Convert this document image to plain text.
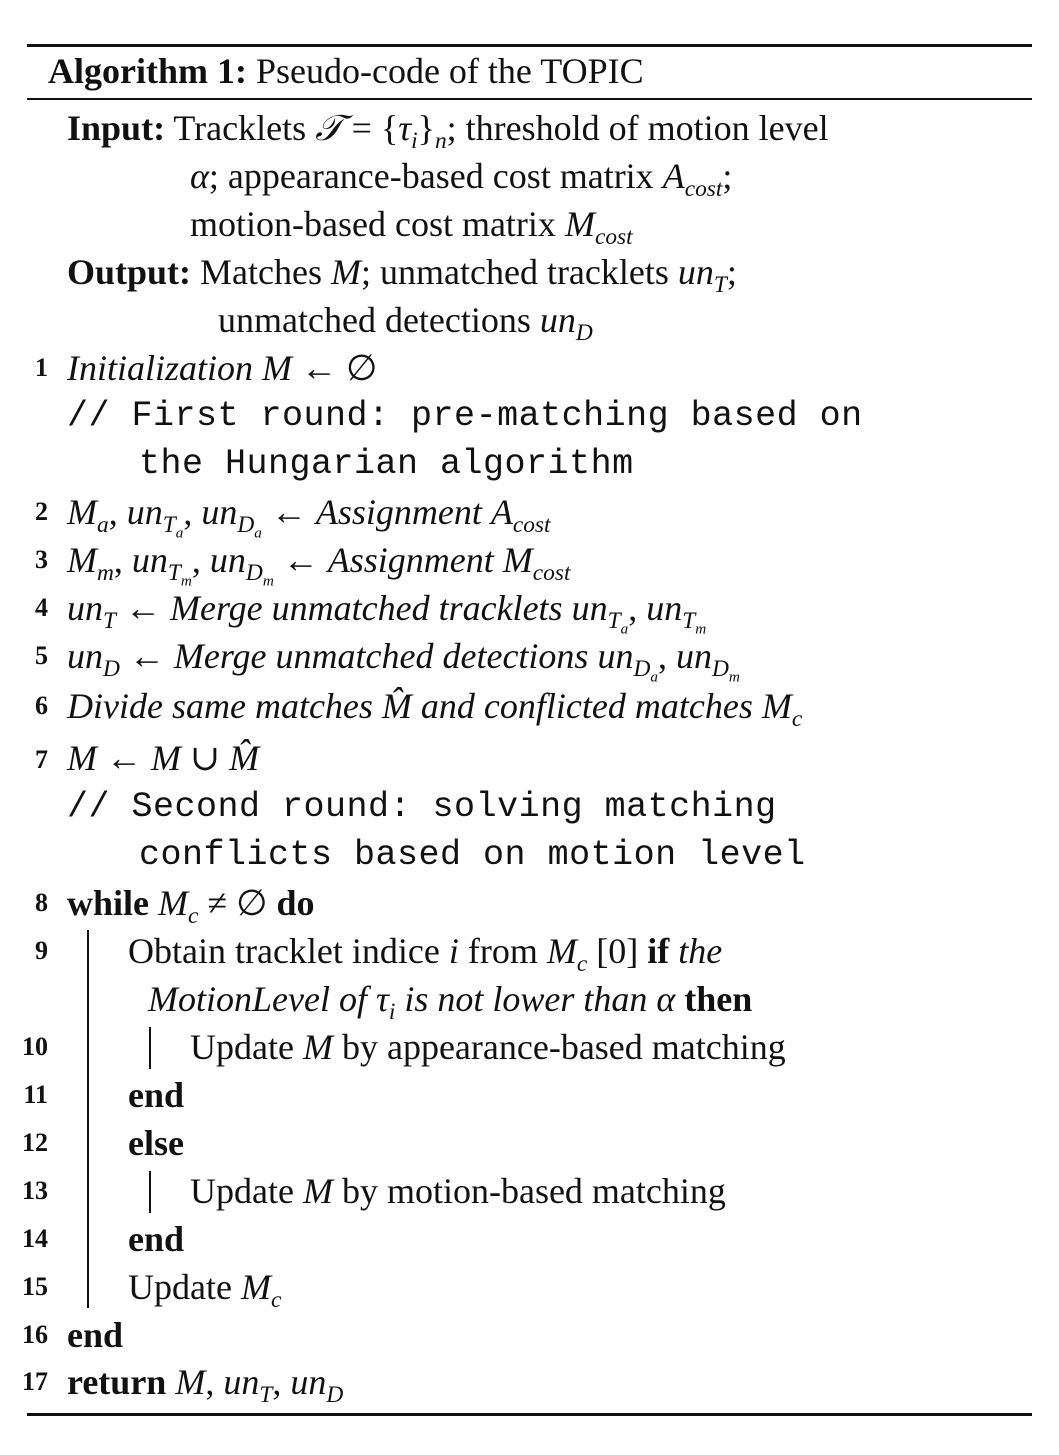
Algorithm 1: Pseudo-code of the TOPIC
Input: Tracklets 𝒯 = $\{\tau_i\}_n$; threshold of motion level
α; appearance-based cost matrix $A_{cost}$;
motion-based cost matrix $M_{cost}$
Output: Matches M; unmatched tracklets $un_T$;
unmatched detections $un_D$
1 Initialization M ← ∅
// First round: pre-matching based on
the Hungarian algorithm
2 $M_a$, $un_{T_a}$, $un_{D_a}$ ← Assignment $A_{cost}$
3 $M_m$, $un_{T_m}$, $un_{D_m}$ ← Assignment $M_{cost}$
4 $un_T$ ← Merge unmatched tracklets $un_{T_a}$, $un_{T_m}$
5 $un_D$ ← Merge unmatched detections $un_{D_a}$, $un_{D_m}$
6 Divide same matches M̂ and conflicted matches $M_c$
7 M ← M ∪ M̂
// Second round: solving matching
conflicts based on motion level
8 while $M_c$ ≠ ∅ do
9 Obtain tracklet indice i from $M_c$ [0] if the
MotionLevel of $\tau_i$ is not lower than α then
10	Update M by appearance-based matching
11 end
12 else
13	Update M by motion-based matching
14 end
15 Update $M_c$
16 end
17 return M, $un_T$, $un_D$
